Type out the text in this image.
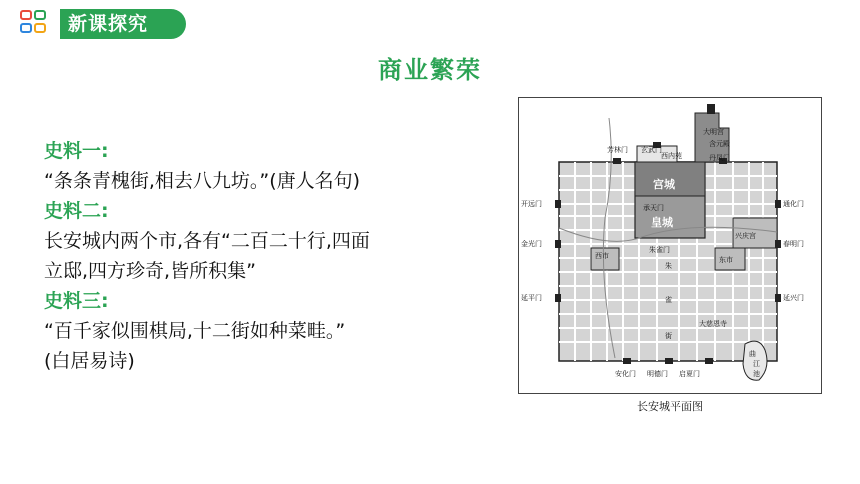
新课探究
商业繁荣
史料一:
“条条青槐街,相去八九坊。”(唐人名句)
史料二:
长安城内两个市,各有“二百二十行,四面
立邸,四方珍奇,皆所积集”
史料三:
“百千家似围棋局,十二街如种菜畦。”
(白居易诗)
芳林门 玄武门
西内苑
大明宫
含元殿
丹凤门
开远门
金光门
延平门
通化门
春明门
延兴门
安化门 明德门 启夏门
西市	东市
兴庆宫
大慈恩寺
承天门
朱雀门
朱
雀
街
曲
江
池
宫城
皇城
长安城平面图
